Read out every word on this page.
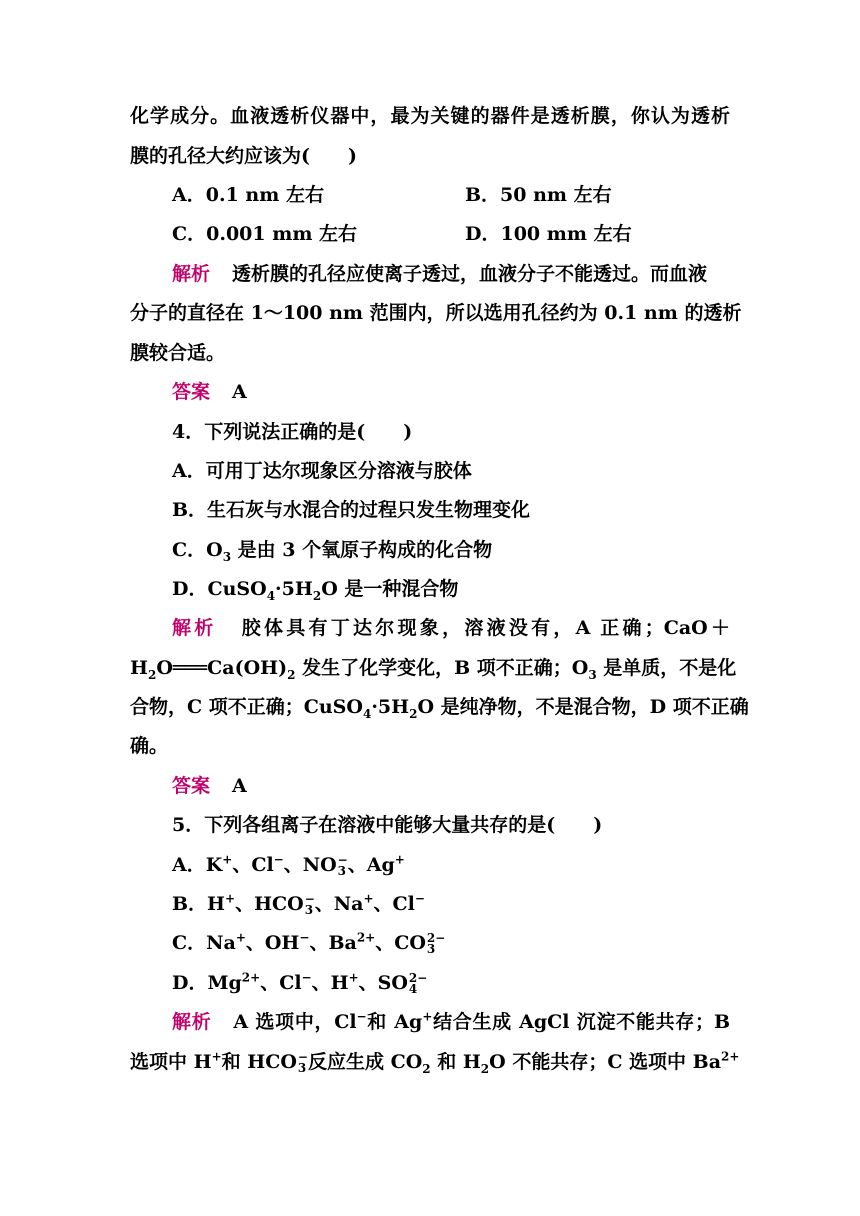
化学成分。血液透析仪器中，最为关键的器件是透析膜，你认为透析
膜的孔径大约应该为(　　)
A．0.1 nm 左右	B．50 nm 左右
C．0.001 mm 左右	D．100 mm 左右
解析 透析膜的孔径应使离子透过，血液分子不能透过。而血液
分子的直径在 1～100 nm 范围内，所以选用孔径约为 0.1 nm 的透析
膜较合适。
答案 A
4．下列说法正确的是(　　)
A．可用丁达尔现象区分溶液与胶体
B．生石灰与水混合的过程只发生物理变化
C．$O_3$ 是由 3 个氧原子构成的化合物
D．$CuSO_4\cdot 5H_2O$ 是一种混合物
解析 胶体具有丁达尔现象，溶液没有，A 正确；CaO＋
$H_2O═══Ca(OH)_2$ 发生了化学变化，B 项不正确；$O_3$ 是单质，不是化
合物，C 项不正确；$CuSO_4\cdot 5H_2O$ 是纯净物，不是混合物，D 项不正确
确。
答案 A
5．下列各组离子在溶液中能够大量共存的是(　　)
A．K+、Cl−、NO −
3 、Ag+
B．H+、HCO −
3 、Na+、Cl−
C．Na+、OH−、$Ba^{2+}$、CO 2−
3
D．$Mg^{2+}$、Cl−、H+、SO 2−
4
解析 A 选项中，Cl−和 Ag+结合生成 AgCl 沉淀不能共存；B
选项中 H+和 HCO −
3 反应生成 $CO_2$ 和 $H_2O$ 不能共存；C 选项中 $Ba^{2+}$
